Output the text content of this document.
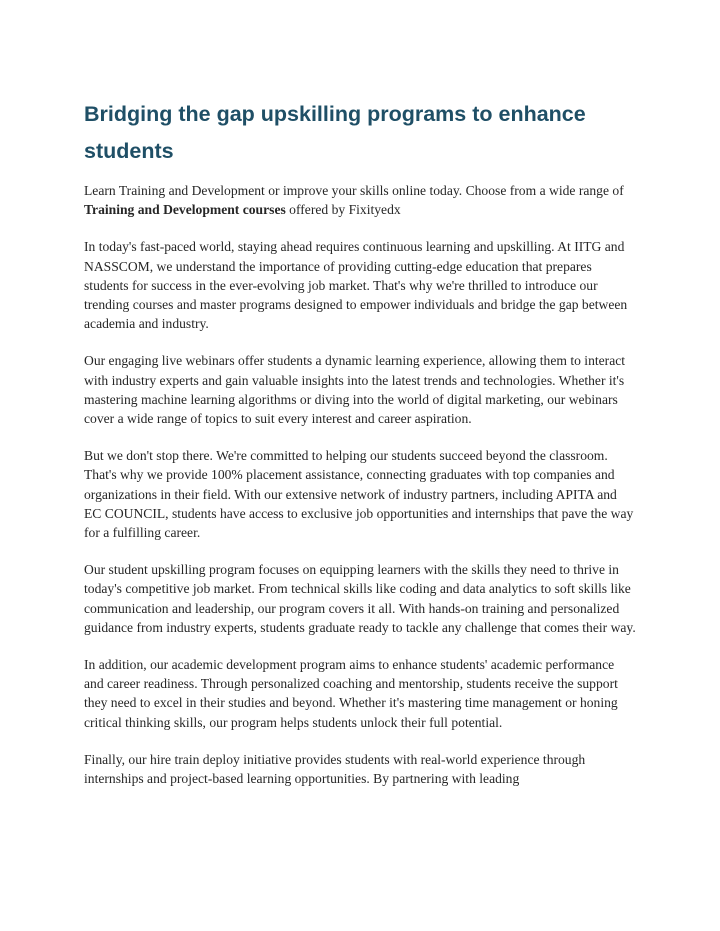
Bridging the gap upskilling programs to enhance
students

Learn Training and Development or improve your skills online today. Choose from a wide range of Training and Development courses offered by Fixityedx

In today's fast-paced world, staying ahead requires continuous learning and upskilling. At IITG and NASSCOM, we understand the importance of providing cutting-edge education that prepares students for success in the ever-evolving job market. That's why we're thrilled to introduce our trending courses and master programs designed to empower individuals and bridge the gap between academia and industry.

Our engaging live webinars offer students a dynamic learning experience, allowing them to interact with industry experts and gain valuable insights into the latest trends and technologies. Whether it's mastering machine learning algorithms or diving into the world of digital marketing, our webinars cover a wide range of topics to suit every interest and career aspiration.

But we don't stop there. We're committed to helping our students succeed beyond the classroom. That's why we provide 100% placement assistance, connecting graduates with top companies and organizations in their field. With our extensive network of industry partners, including APITA and EC COUNCIL, students have access to exclusive job opportunities and internships that pave the way for a fulfilling career.

Our student upskilling program focuses on equipping learners with the skills they need to thrive in today's competitive job market. From technical skills like coding and data analytics to soft skills like communication and leadership, our program covers it all. With hands-on training and personalized guidance from industry experts, students graduate ready to tackle any challenge that comes their way.

In addition, our academic development program aims to enhance students' academic performance and career readiness. Through personalized coaching and mentorship, students receive the support they need to excel in their studies and beyond. Whether it's mastering time management or honing critical thinking skills, our program helps students unlock their full potential.

Finally, our hire train deploy initiative provides students with real-world experience through internships and project-based learning opportunities. By partnering with leading
